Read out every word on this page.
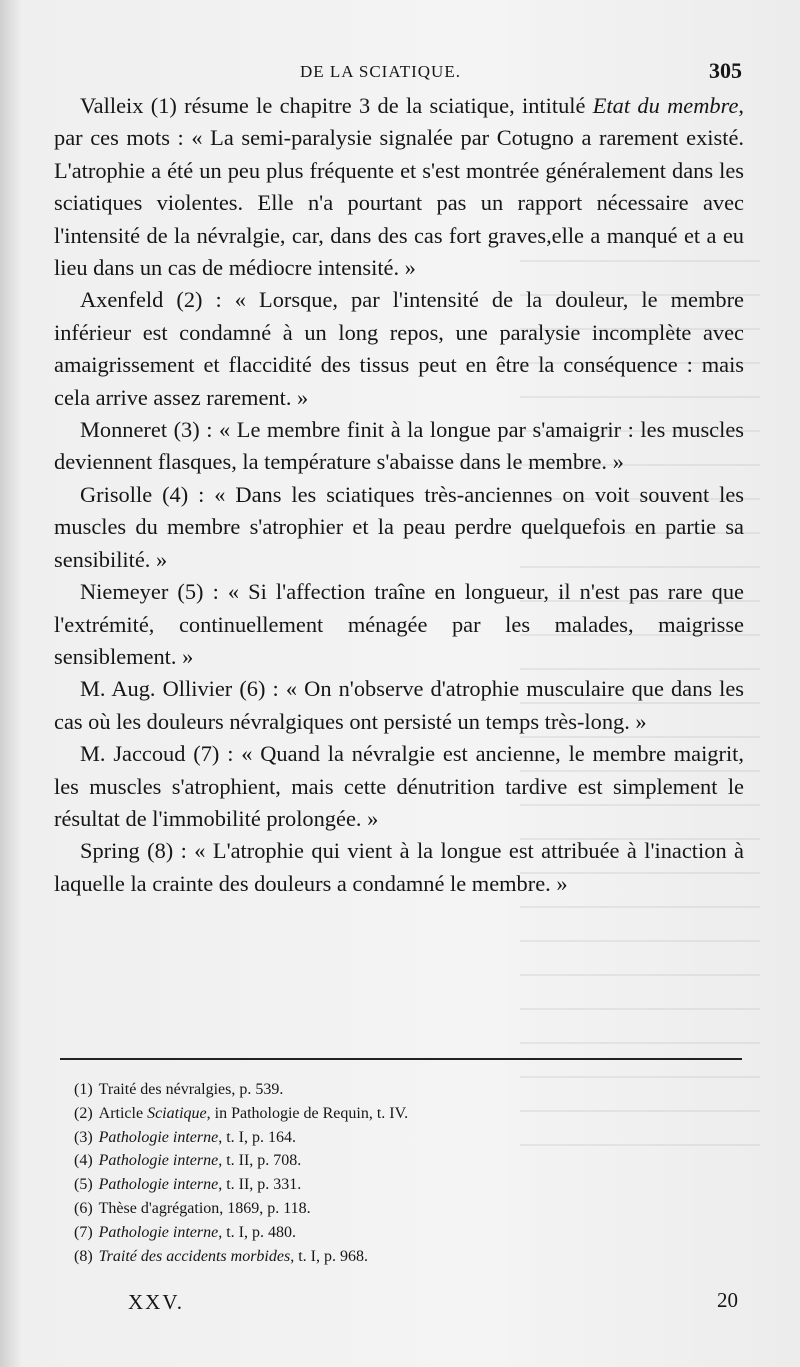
DE LA SCIATIQUE.	305

Valleix (1) résume le chapitre 3 de la sciatique, intitulé Etat du membre, par ces mots : « La semi-paralysie signalée par Cotugno a rarement existé. L'atrophie a été un peu plus fréquente et s'est montrée généralement dans les sciatiques violentes. Elle n'a pourtant pas un rapport nécessaire avec l'intensité de la névralgie, car, dans des cas fort graves,elle a manqué et a eu lieu dans un cas de médiocre intensité. »

Axenfeld (2) : « Lorsque, par l'intensité de la douleur, le membre inférieur est condamné à un long repos, une paralysie incomplète avec amaigrissement et flaccidité des tissus peut en être la conséquence : mais cela arrive assez rarement. »

Monneret (3) : « Le membre finit à la longue par s'amaigrir : les muscles deviennent flasques, la température s'abaisse dans le membre. »

Grisolle (4) : « Dans les sciatiques très-anciennes on voit souvent les muscles du membre s'atrophier et la peau perdre quelquefois en partie sa sensibilité. »

Niemeyer (5) : « Si l'affection traîne en longueur, il n'est pas rare que l'extrémité, continuellement ménagée par les malades, maigrisse sensiblement. »

M. Aug. Ollivier (6) : « On n'observe d'atrophie musculaire que dans les cas où les douleurs névralgiques ont persisté un temps très-long. »

M. Jaccoud (7) : « Quand la névralgie est ancienne, le membre maigrit, les muscles s'atrophient, mais cette dénutrition tardive est simplement le résultat de l'immobilité prolongée. »

Spring (8) : « L'atrophie qui vient à la longue est attribuée à l'inaction à laquelle la crainte des douleurs a condamné le membre. »

(1) Traité des névralgies, p. 539.

(2) Article Sciatique, in Pathologie de Requin, t. IV.

(3) Pathologie interne, t. I, p. 164.

(4) Pathologie interne, t. II, p. 708.

(5) Pathologie interne, t. II, p. 331.

(6) Thèse d'agrégation, 1869, p. 118.

(7) Pathologie interne, t. I, p. 480.

(8) Traité des accidents morbides, t. I, p. 968.

XXV.	20
